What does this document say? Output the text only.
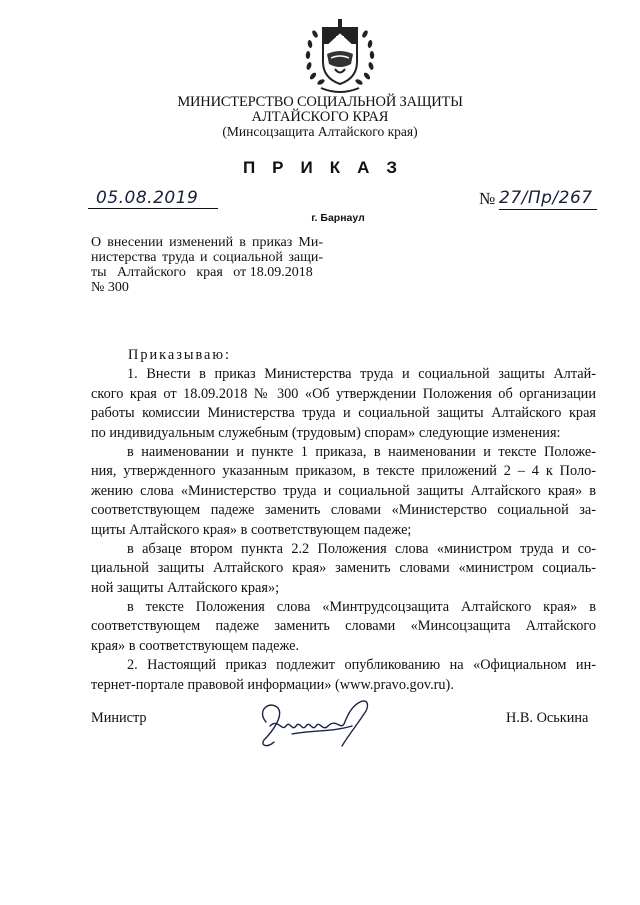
МИНИСТЕРСТВО СОЦИАЛЬНОЙ ЗАЩИТЫ
АЛТАЙСКОГО КРАЯ
(Минсоцзащита Алтайского края)
ПРИКАЗ
05.08.2019	№ 27/Пр/267
г. Барнаул
О внесении изменений в приказ Ми-
нистерства труда и социальной защи-
ты   Алтайского   края   от 18.09.2018
№ 300
Приказываю:
1. Внести в приказ Министерства труда и социальной защиты Алтай-
ского края от 18.09.2018 № 300 «Об утверждении Положения об организации
работы комиссии Министерства труда и социальной защиты Алтайского края
по индивидуальным служебным (трудовым) спорам» следующие изменения:
в наименовании и пункте 1 приказа, в наименовании и тексте Положе-
ния, утвержденного указанным приказом, в тексте приложений 2 – 4 к Поло-
жению слова «Министерство труда и социальной защиты Алтайского края» в
соответствующем падеже заменить словами «Министерство социальной за-
щиты Алтайского края» в соответствующем падеже;
в абзаце втором пункта 2.2 Положения слова «министром труда и со-
циальной защиты Алтайского края» заменить словами «министром социаль-
ной защиты Алтайского края»;
в тексте Положения слова «Минтрудсоцзащита Алтайского края» в
соответствующем падеже заменить словами «Минсоцзащита Алтайского
края» в соответствующем падеже.
2. Настоящий приказ подлежит опубликованию на «Официальном ин-
тернет-портале правовой информации» (www.pravo.gov.ru).
Министр	Н.В. Оськина
